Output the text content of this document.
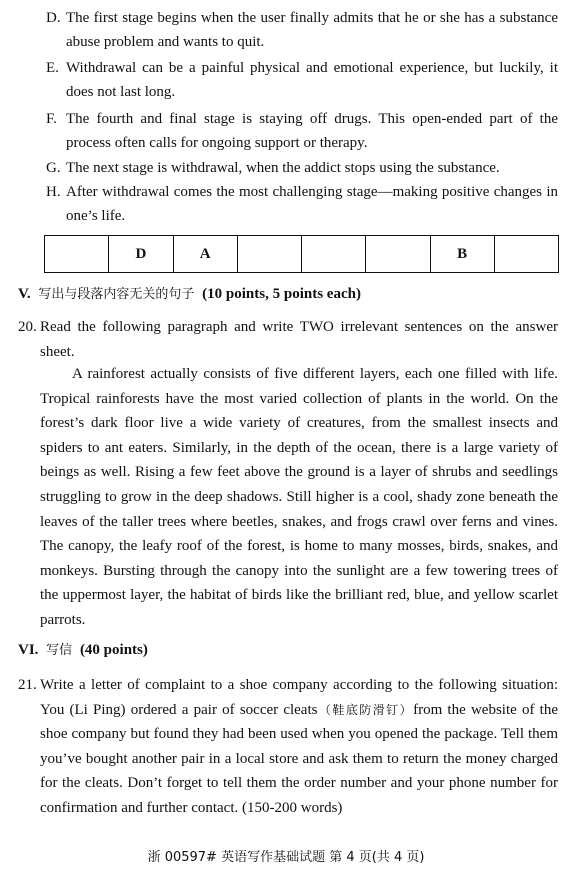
D. The first stage begins when the user finally admits that he or she has a substance abuse problem and wants to quit.
E. Withdrawal can be a painful physical and emotional experience, but luckily, it does not last long.
F. The fourth and final stage is staying off drugs. This open-ended part of the process often calls for ongoing support or therapy.
G. The next stage is withdrawal, when the addict stops using the substance.
H. After withdrawal comes the most challenging stage—making positive changes in one’s life.
	D	A				B	
V. 写出与段落内容无关的句子 (10 points, 5 points each)
20. Read the following paragraph and write TWO irrelevant sentences on the answer sheet.
A rainforest actually consists of five different layers, each one filled with life. Tropical rainforests have the most varied collection of plants in the world. On the forest’s dark floor live a wide variety of creatures, from the smallest insects and spiders to ant eaters. Similarly, in the depth of the ocean, there is a large variety of beings as well. Rising a few feet above the ground is a layer of shrubs and seedlings struggling to grow in the deep shadows. Still higher is a cool, shady zone beneath the leaves of the taller trees where beetles, snakes, and frogs crawl over ferns and vines. The canopy, the leafy roof of the forest, is home to many mosses, birds, snakes, and monkeys. Bursting through the canopy into the sunlight are a few towering trees of the uppermost layer, the habitat of birds like the brilliant red, blue, and yellow scarlet parrots.
VI. 写信 (40 points)
21. Write a letter of complaint to a shoe company according to the following situation: You (Li Ping) ordered a pair of soccer cleats（鞋底防滑钉）from the website of the shoe company but found they had been used when you opened the package. Tell them you’ve bought another pair in a local store and ask them to return the money charged for the cleats. Don’t forget to tell them the order number and your phone number for confirmation and further contact. (150-200 words)
浙 00597# 英语写作基础试题 第 4 页(共 4 页)
